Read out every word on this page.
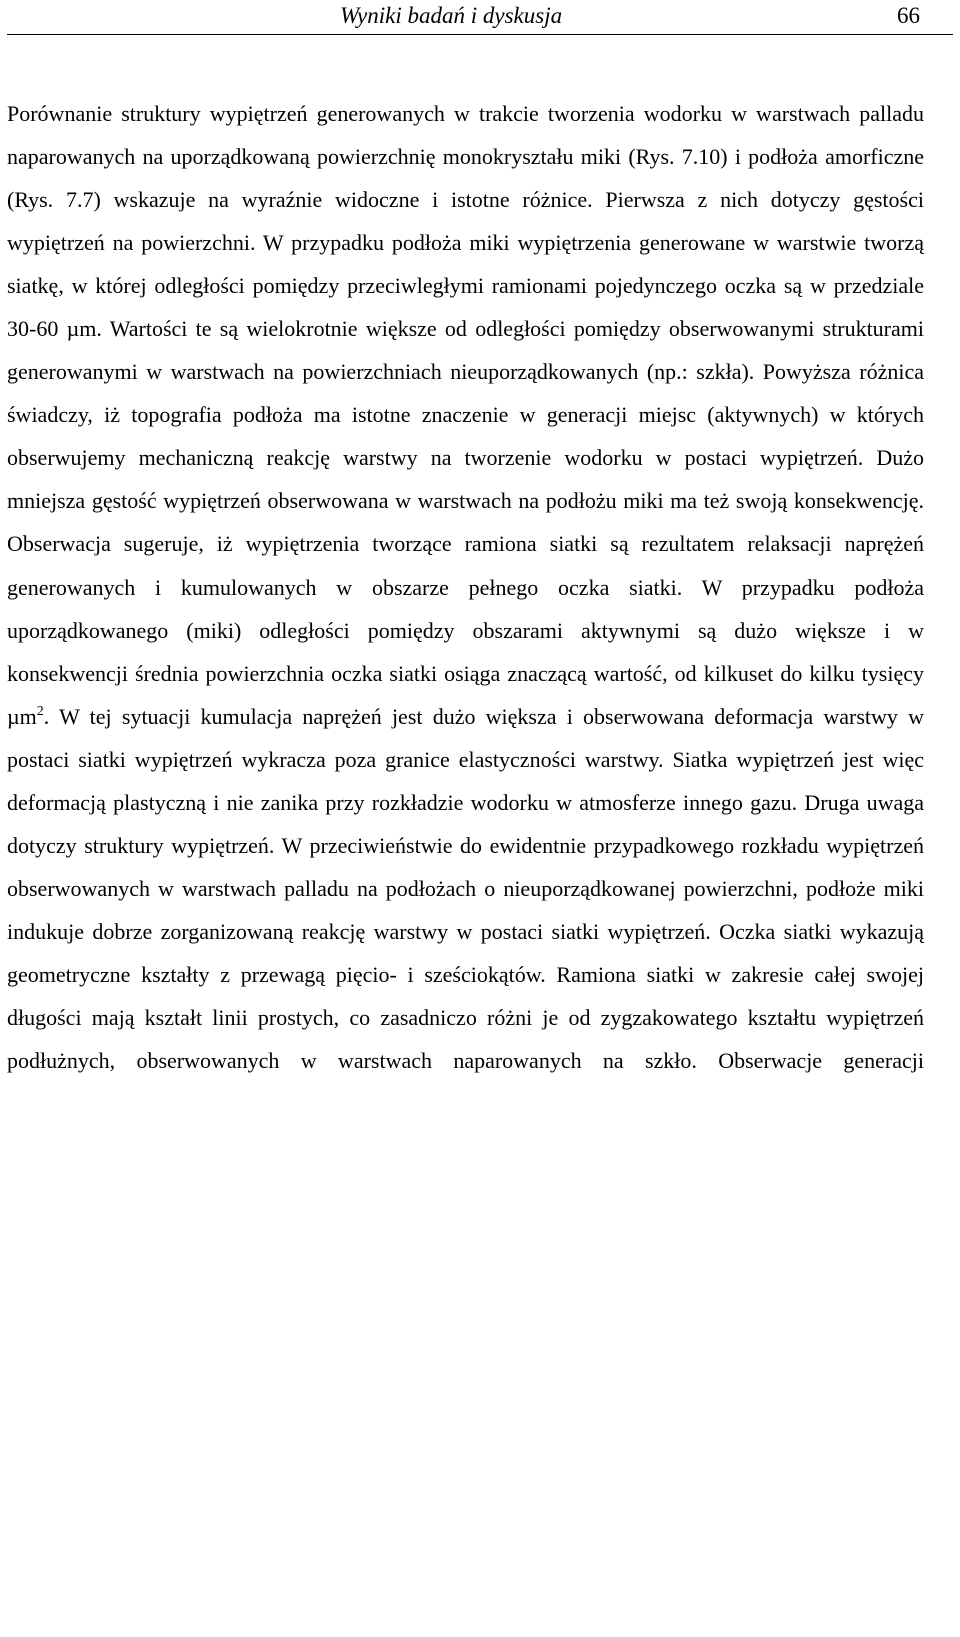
Wyniki badań i dyskusja	66

Porównanie struktury wypiętrzeń generowanych w trakcie tworzenia wodorku w warstwach palladu naparowanych na uporządkowaną powierzchnię monokryształu miki (Rys. 7.10) i podłoża amorficzne (Rys. 7.7) wskazuje na wyraźnie widoczne i istotne różnice. Pierwsza z nich dotyczy gęstości wypiętrzeń na powierzchni. W przypadku podłoża miki wypiętrzenia generowane w warstwie tworzą siatkę, w której odległości pomiędzy przeciwległymi ramionami pojedynczego oczka są w przedziale 30-60 µm. Wartości te są wielokrotnie większe od odległości pomiędzy obserwowanymi strukturami generowanymi w warstwach na powierzchniach nieuporządkowanych (np.: szkła). Powyższa różnica świadczy, iż topografia podłoża ma istotne znaczenie w generacji miejsc (aktywnych) w których obserwujemy mechaniczną reakcję warstwy na tworzenie wodorku w postaci wypiętrzeń. Dużo mniejsza gęstość wypiętrzeń obserwowana w warstwach na podłożu miki ma też swoją konsekwencję. Obserwacja sugeruje, iż wypiętrzenia tworzące ramiona siatki są rezultatem relaksacji naprężeń generowanych i kumulowanych w obszarze pełnego oczka siatki. W przypadku podłoża uporządkowanego (miki) odległości pomiędzy obszarami aktywnymi są dużo większe i w konsekwencji średnia powierzchnia oczka siatki osiąga znaczącą wartość, od kilkuset do kilku tysięcy µm$^2$. W tej sytuacji kumulacja naprężeń jest dużo większa i obserwowana deformacja warstwy w postaci siatki wypiętrzeń wykracza poza granice elastyczności warstwy. Siatka wypiętrzeń jest więc deformacją plastyczną i nie zanika przy rozkładzie wodorku w atmosferze innego gazu. Druga uwaga dotyczy struktury wypiętrzeń. W przeciwieństwie do ewidentnie przypadkowego rozkładu wypiętrzeń obserwowanych w warstwach palladu na podłożach o nieuporządkowanej powierzchni, podłoże miki indukuje dobrze zorganizowaną reakcję warstwy w postaci siatki wypiętrzeń. Oczka siatki wykazują geometryczne kształty z przewagą pięcio- i sześciokątów. Ramiona siatki w zakresie całej swojej długości mają kształt linii prostych, co zasadniczo różni je od zygzakowatego kształtu wypiętrzeń podłużnych, obserwowanych w warstwach naparowanych na szkło. Obserwacje generacji
